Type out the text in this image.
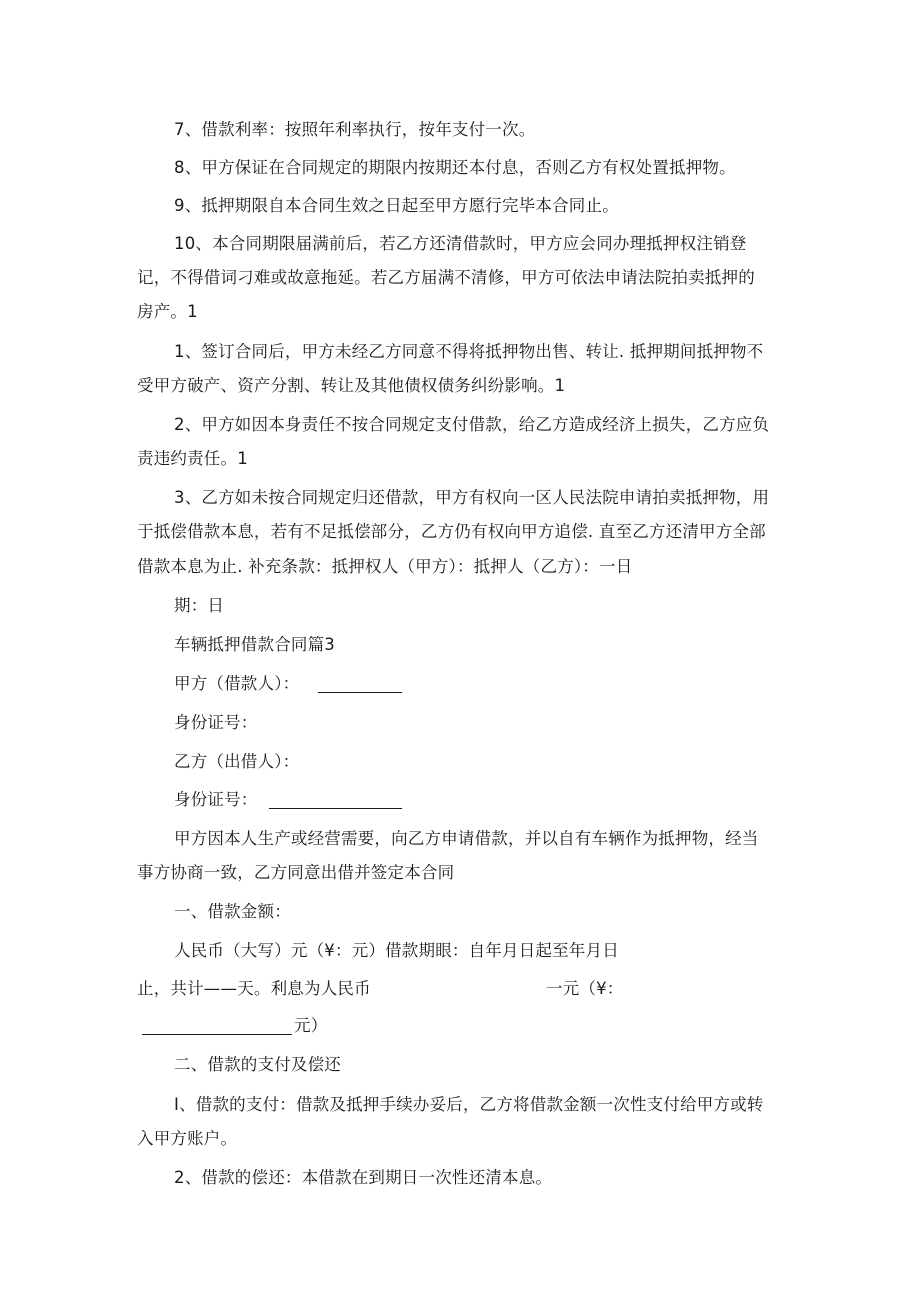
7、借款利率：按照年利率执行，按年支付一次。
8、甲方保证在合同规定的期限内按期还本付息，否则乙方有权处置抵押物。
9、抵押期限自本合同生效之日起至甲方愿行完毕本合同止。
10、本合同期限届满前后，若乙方还清借款时，甲方应会同办理抵押权注销登
记，不得借词刁难或故意拖延。若乙方届满不清修，甲方可依法申请法院拍卖抵押的
房产。1
1、签订合同后，甲方未经乙方同意不得将抵押物出售、转让. 抵押期间抵押物不
受甲方破产、资产分割、转让及其他债权债务纠纷影响。1
2、甲方如因本身责任不按合同规定支付借款，给乙方造成经济上损失，乙方应负
责违约责任。1
3、乙方如未按合同规定归还借款，甲方有权向一区人民法院申请拍卖抵押物，用
于抵偿借款本息，若有不足抵偿部分，乙方仍有权向甲方追偿. 直至乙方还清甲方全部
借款本息为止. 补充条款：抵押权人（甲方）：抵押人（乙方）：一日
期：日
车辆抵押借款合同篇3
甲方（借款人）：
身份证号：
乙方（出借人）：
身份证号：
甲方因本人生产或经营需要，向乙方申请借款，并以自有车辆作为抵押物，经当
事方协商一致，乙方同意出借并签定本合同
一、借款金额：
人民币（大写）元（¥：元）借款期眼：自年月日起至年月日
止，共计——天。利息为人民币	一元（¥：
元）
二、借款的支付及偿还
I、借款的支付：借款及抵押手续办妥后，乙方将借款金额一次性支付给甲方或转
入甲方账户。
2、借款的偿还：本借款在到期日一次性还清本息。
